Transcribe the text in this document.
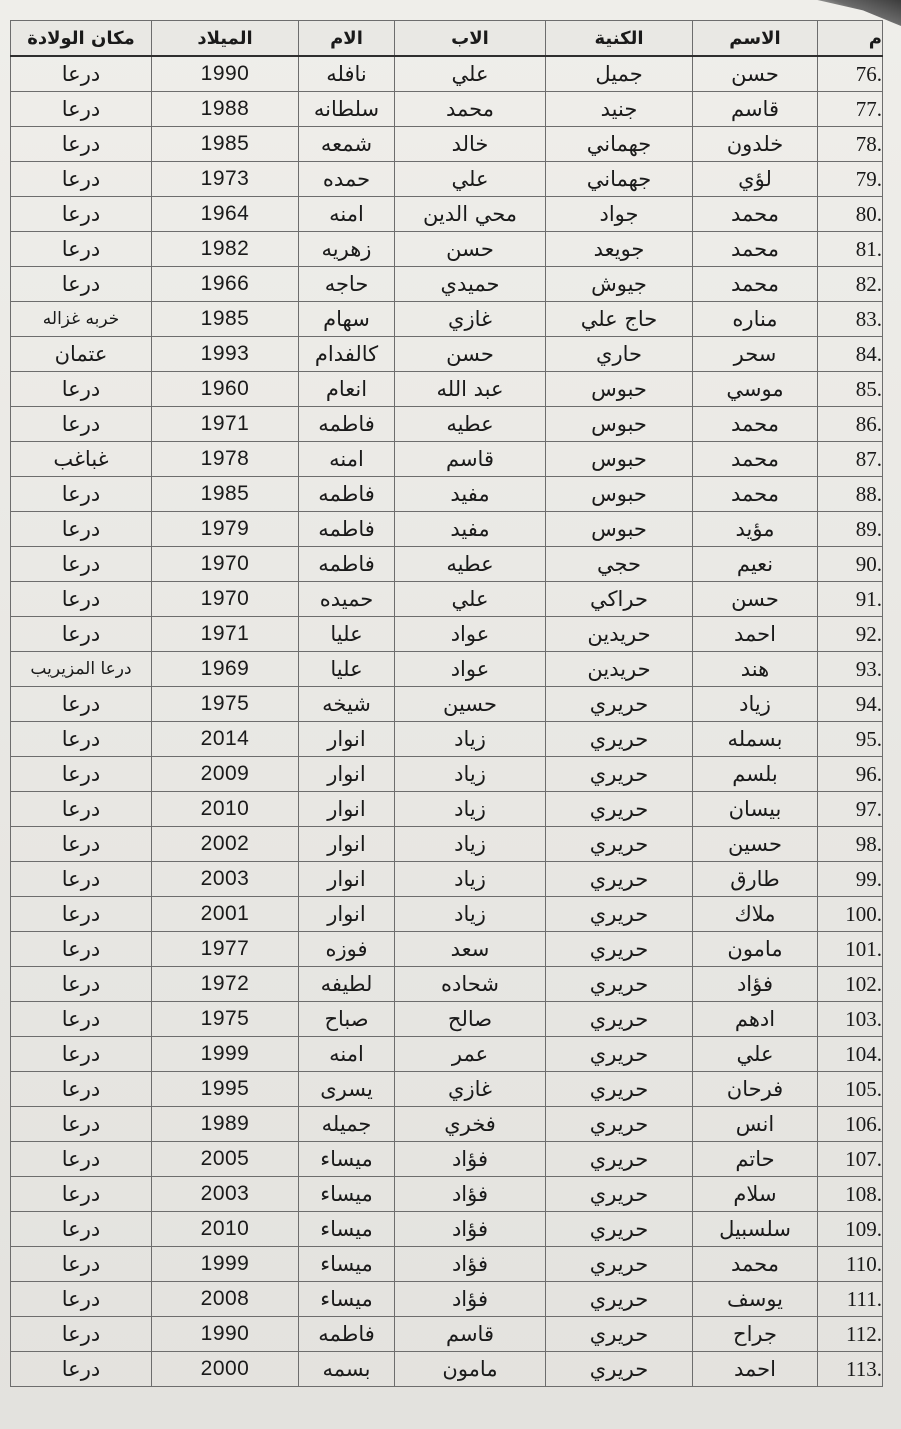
مكان الولادة	الميلاد	الام	الاب	الكنية	الاسم	م
درعا	1990	نافله	علي	جميل	حسن	76.
درعا	1988	سلطانه	محمد	جنيد	قاسم	77.
درعا	1985	شمعه	خالد	جهماني	خلدون	78.
درعا	1973	حمده	علي	جهماني	لؤي	79.
درعا	1964	امنه	محي الدين	جواد	محمد	80.
درعا	1982	زهريه	حسن	جويعد	محمد	81.
درعا	1966	حاجه	حميدي	جيوش	محمد	82.
خربه غزاله	1985	سهام	غازي	حاج علي	مناره	83.
عتمان	1993	كالفدام	حسن	حاري	سحر	84.
درعا	1960	انعام	عبد الله	حبوس	موسي	85.
درعا	1971	فاطمه	عطيه	حبوس	محمد	86.
غباغب	1978	امنه	قاسم	حبوس	محمد	87.
درعا	1985	فاطمه	مفيد	حبوس	محمد	88.
درعا	1979	فاطمه	مفيد	حبوس	مؤيد	89.
درعا	1970	فاطمه	عطيه	حجي	نعيم	90.
درعا	1970	حميده	علي	حراكي	حسن	91.
درعا	1971	عليا	عواد	حريدين	احمد	92.
درعا المزيريب	1969	عليا	عواد	حريدين	هند	93.
درعا	1975	شيخه	حسين	حريري	زياد	94.
درعا	2014	انوار	زياد	حريري	بسمله	95.
درعا	2009	انوار	زياد	حريري	بلسم	96.
درعا	2010	انوار	زياد	حريري	بيسان	97.
درعا	2002	انوار	زياد	حريري	حسين	98.
درعا	2003	انوار	زياد	حريري	طارق	99.
درعا	2001	انوار	زياد	حريري	ملاك	100.
درعا	1977	فوزه	سعد	حريري	مامون	101.
درعا	1972	لطيفه	شحاده	حريري	فؤاد	102.
درعا	1975	صباح	صالح	حريري	ادهم	103.
درعا	1999	امنه	عمر	حريري	علي	104.
درعا	1995	يسرى	غازي	حريري	فرحان	105.
درعا	1989	جميله	فخري	حريري	انس	106.
درعا	2005	ميساء	فؤاد	حريري	حاتم	107.
درعا	2003	ميساء	فؤاد	حريري	سلام	108.
درعا	2010	ميساء	فؤاد	حريري	سلسبيل	109.
درعا	1999	ميساء	فؤاد	حريري	محمد	110.
درعا	2008	ميساء	فؤاد	حريري	يوسف	111.
درعا	1990	فاطمه	قاسم	حريري	جراح	112.
درعا	2000	بسمه	مامون	حريري	احمد	113.
